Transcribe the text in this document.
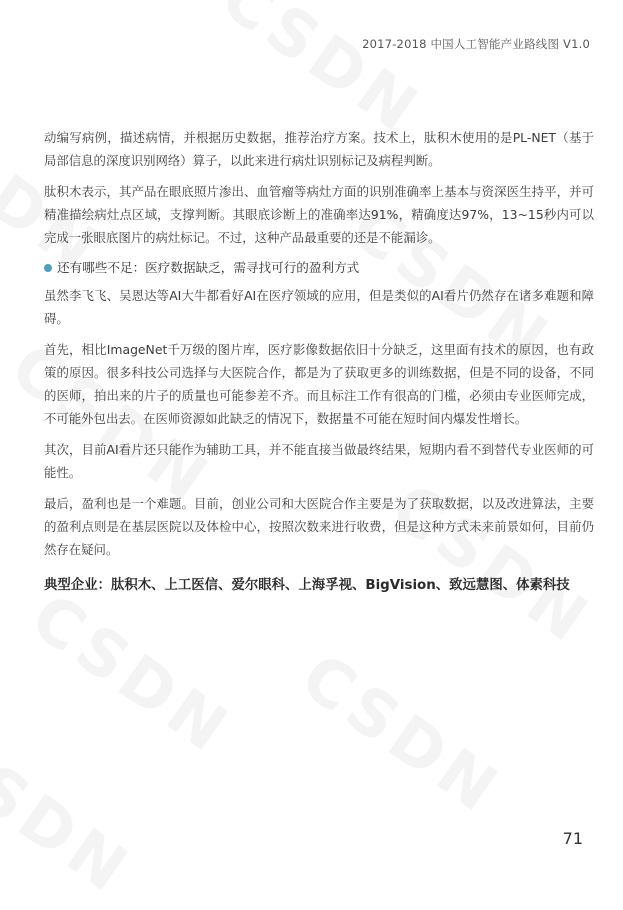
2017-2018 中国人工智能产业路线图 V1.0

动编写病例，描述病情，并根据历史数据，推荐治疗方案。技术上，肽积木使用的是PL-NET（基于局部信息的深度识别网络）算子，以此来进行病灶识别标记及病程判断。

肽积木表示，其产品在眼底照片渗出、血管瘤等病灶方面的识别准确率上基本与资深医生持平，并可精准描绘病灶点区域，支撑判断。其眼底诊断上的准确率达91%，精确度达97%，13~15秒内可以完成一张眼底图片的病灶标记。不过，这种产品最重要的还是不能漏诊。

还有哪些不足：医疗数据缺乏，需寻找可行的盈利方式

虽然李飞飞、吴恩达等AI大牛都看好AI在医疗领域的应用，但是类似的AI看片仍然存在诸多难题和障碍。

首先，相比ImageNet千万级的图片库，医疗影像数据依旧十分缺乏，这里面有技术的原因，也有政策的原因。很多科技公司选择与大医院合作，都是为了获取更多的训练数据，但是不同的设备，不同的医师，拍出来的片子的质量也可能参差不齐。而且标注工作有很高的门槛，必须由专业医师完成，不可能外包出去。在医师资源如此缺乏的情况下，数据量不可能在短时间内爆发性增长。

其次，目前AI看片还只能作为辅助工具，并不能直接当做最终结果，短期内看不到替代专业医师的可能性。

最后，盈利也是一个难题。目前，创业公司和大医院合作主要是为了获取数据，以及改进算法，主要的盈利点则是在基层医院以及体检中心，按照次数来进行收费，但是这种方式未来前景如何，目前仍然存在疑问。

典型企业：肽积木、上工医信、爱尔眼科、上海孚视、BigVision、致远慧图、体素科技
71
